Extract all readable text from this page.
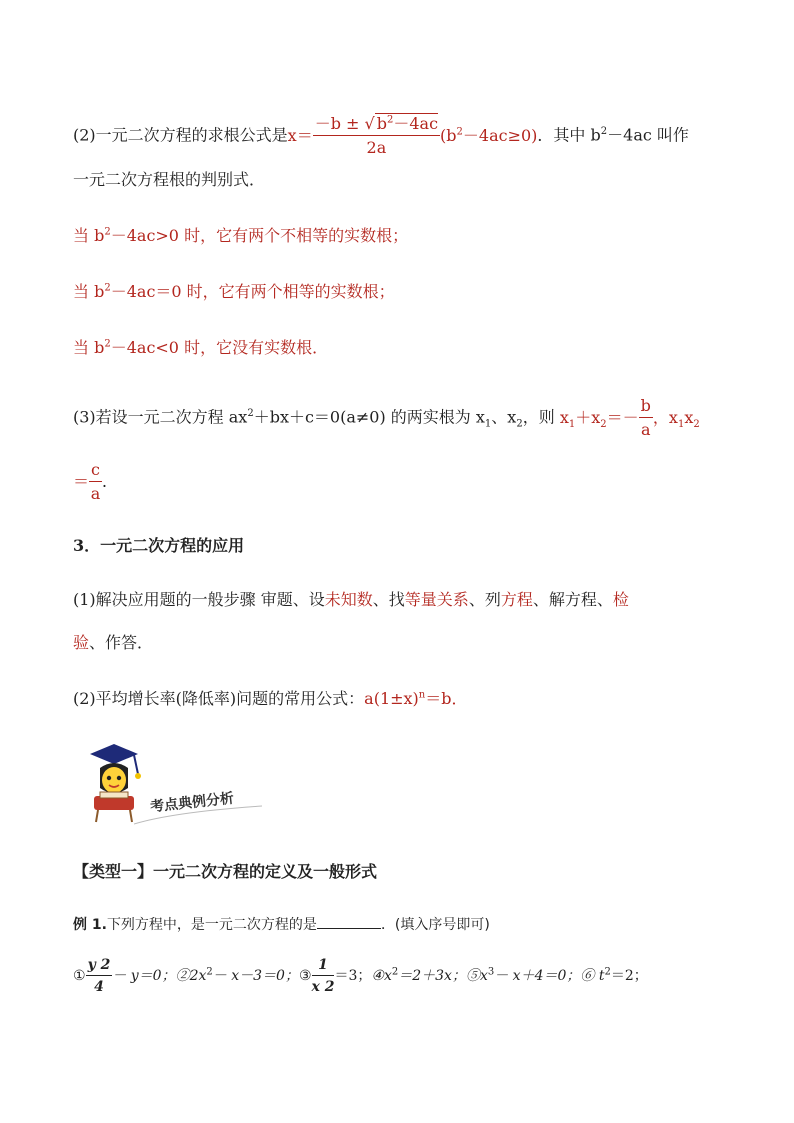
(2)一元二次方程的求根公式是$x= \frac{-b \pm √ b^2-4ac}{2a} (b^2-4ac\ge 0)$．其中 $b^2-4ac$ 叫作
一元二次方程根的判别式．
当 $b^2-4ac>0$ 时，它有两个不相等的实数根；
当 $b^2-4ac=0$ 时，它有两个相等的实数根；
当 $b^2-4ac<0$ 时，它没有实数根．
(3)若设一元二次方程 $ax^2+bx+c=0(a\ne 0)$ 的两实根为 $x_1$、$x_2$，则 $x_1+x_2=- \frac{b}{a}$ ，$x_1x_2$
＝ $\frac{c}{a}$ ．
3．一元二次方程的应用
(1)解决应用题的一般步骤 审题、设未知数、找等量关系、列方程、解方程、检
验、作答．
(2)平均增长率(降低率)问题的常用公式：$a(1\pm x)^n=b$．
考点典例分析
【类型一】一元二次方程的定义及一般形式
例 1.下列方程中，是一元二次方程的是	．(填入序号即可)
① $\frac{y 2}{4} - y=0$；$②2x^2- x-3=0$；③ $\frac{1}{x 2} =3$；$④x^2=2+3x$；$⑤x^3- x+4=0$；⑥ $t^2=2$；
